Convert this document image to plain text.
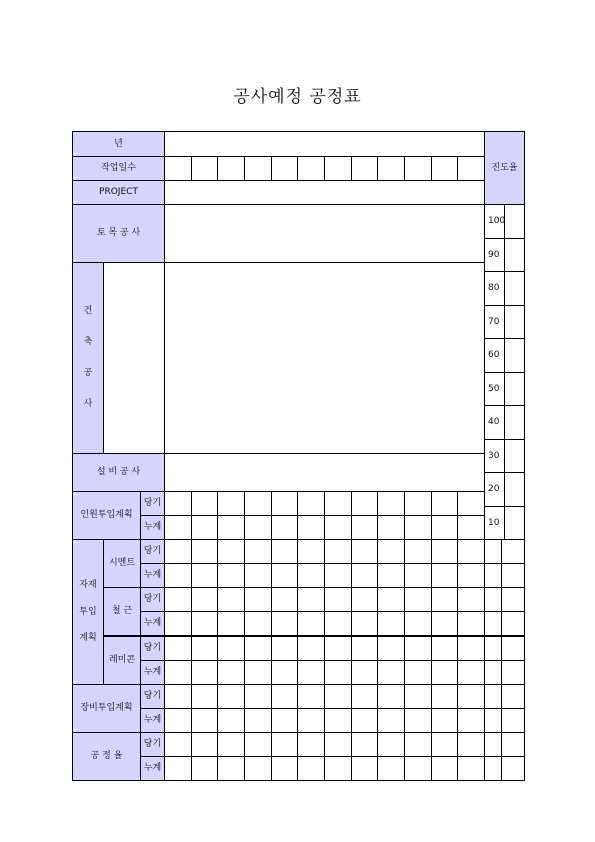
공사예정 공정표
년
작업일수
PROJECT
진도율
토 목 공 사
건
축
공
사
설 비 공 사
100
90
80
70
60
50
40
30
20
10
인원투입계획
당기
누계
자재
투입
계획
시멘트
당기
누계
철 근
당기
누계
레미콘
당기
누계
장비투입계획
당기
누계
공 정 율
당기
누계
